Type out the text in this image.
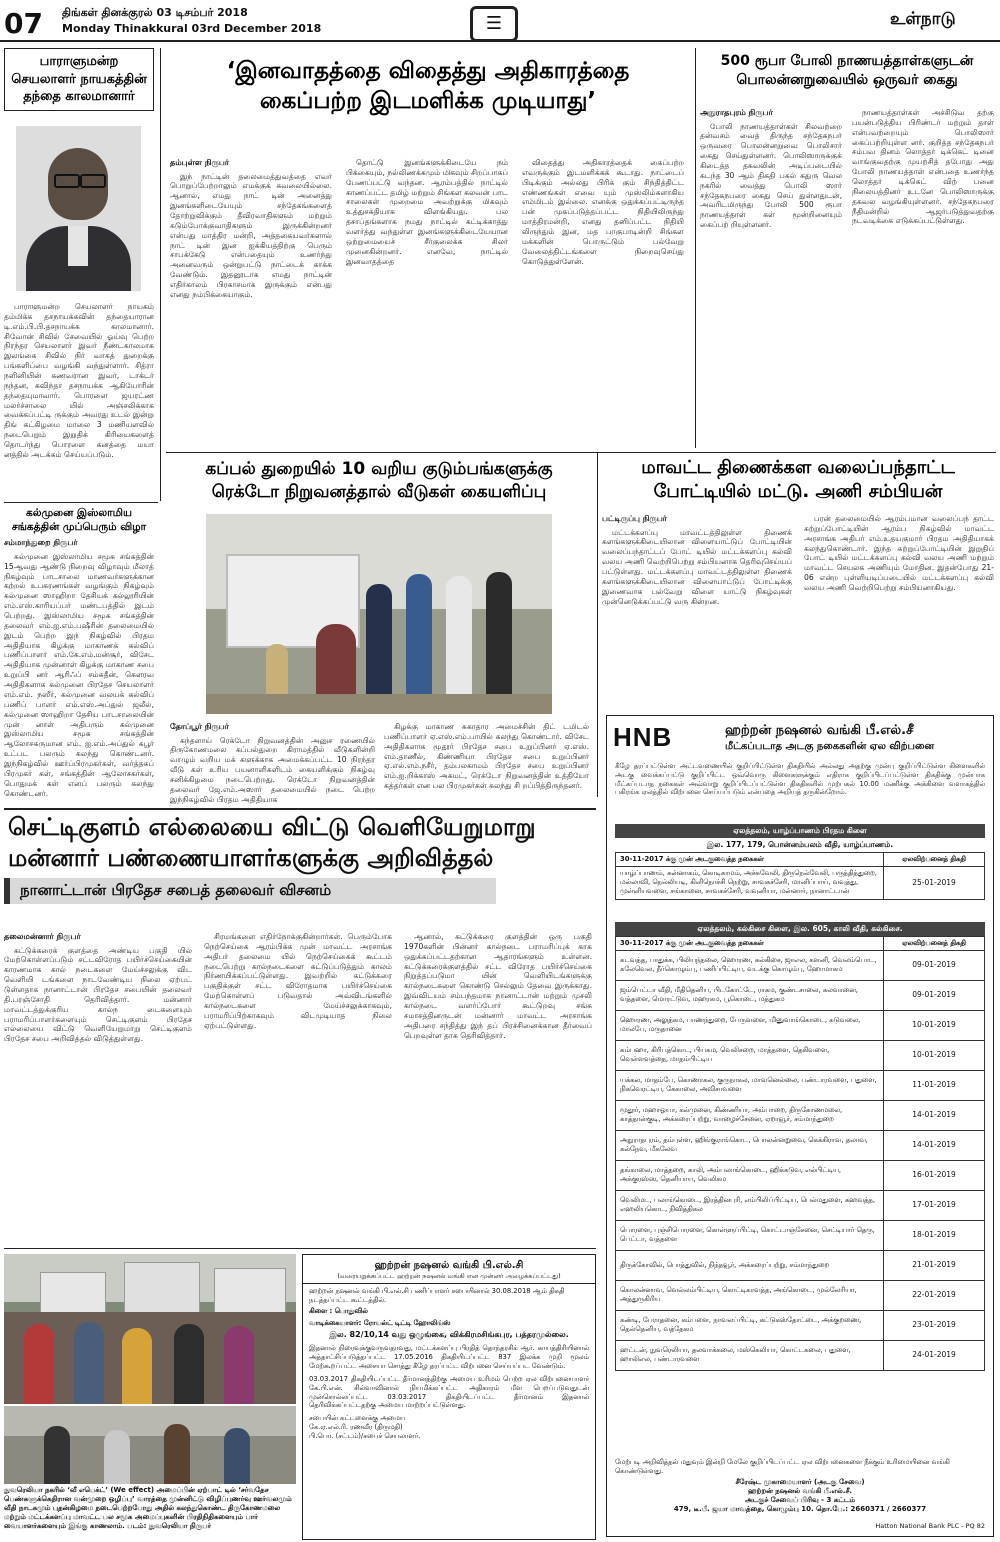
07 திங்கள் தினக்குரல் 03 டிசம்பர் 2018
Monday Thinakkural 03rd December 2018	☰	உள்நாடு
பாராளுமன்ற செயலாளர் நாயகத்தின் தந்தை காலமானார்
பாராளுமன்ற செயலாளர் நாயகம் தம்மிக்க தசநாயக்கவின் தந்தையாரான டி.எம்.பி.பி.தசநாயக்க காலமானார். சிவோன் சிவில் சேவையில் ஓய்வு பெற்ற நிரந்தர செயலாளர் இவர் நீண்டகாலமாக இலங்கை சிவில் நிர் வாகத் துறைக்கு பங்களிப்பை வழங்கி வந்துள்ளார். சித்ரா நளினியின் கணவரான இவர், டாக்டர் நந்தன, கவிந்தா தசநாயக்க ஆகியோரின் தந்தையுமாவார். பொரளை ஜயரட்ண மலர்ச்சாலை யில் அஞ்சலிக்காக வைக்கப்பட்டி ருக்கும் அவரது உடல் இன்று திங் கட்கிழமை மாலை 3 மணியளவில் நடைபெறும் இறுதிக் கிரியைகளைத் தொடர்ந்து பொரளை கனத்தை மயா னத்தில் அடக்கம் செய்யப்படும்.
கல்முனை இஸ்லாமிய சங்கத்தின் முப்பெரும் விழா
சம்மாந்துறை நிருபர்
கல்முனை இஸ்லாமிய சமூக சங்கத்தின் 15ஆவது ஆண்டு நிறைவு விழாவும் மீலாத் நிகழ்வும் பாடசாலை மாணவர்களுக்கான கற்றல் உபகரணங்கள் வழங்கும் நிகழ்வும் கல்முனை ஸாஹிறா தேசியக் கல்லூரியின் எம்.எஸ்.காரியப்பர் மண்டபத்தில் இடம் பெற்றது. இஸ்லாமிய சமூக சங்கத்தின் தலைவர் எம்.ஐ.எம்.பஷீரின் தலைமையில் இடம் பெற்ற இந் நிகழ்வில் பிரதம அதிதியாக கிழக்கு மாகாணக் கல்விப் பணிப்பாளர் எம்.கே.எம்.மன்சூர், விசேட அதிதியாக முன்னாள் கிழக்கு மாகாண சபை உறுப்பி னர் ஆரிஃப் சம்சுதீன், கௌரவ அதிதிகளாக கல்முனை பிரதேச செயலாளர் எம்.எம். நஸீர், கல்முனை வலயக் கல்விப் பணிப் பாளர் எம்.எஸ்.அப்துல் ஜலீல், கல்முனை ஸாஹிறா தேசிய பாடசாலையின் முன் னாள் அதிபரும் கல்முனை இஸ்லாமிய சமூக சங்கத்தின் ஆலோசகருமான எம். ஐ.எம்.அப்துல் கபூர் உட்பட பலரும் கலந்து கொண்டனர். இந்நிகழ்வில் ஊர்ப்பிரமுகர்கள், வர்த்தகப் பிரமுகர் கள், சங்கத்தின் ஆலோசகர்கள், பொதுமக் கள் எனப் பலரும் கலந்து கொண்டனர்.
‘இனவாதத்தை விதைத்து அதிகாரத்தை கைப்பற்ற இடமளிக்க முடியாது’
தம்புள்ள நிருபர்
இந் நாட்டின் தலைமைத்துவத்தை எவர் பொறுப்பேற்றாலும் எமக்குக் கவலையில்லை. ஆனால், எமது நாட் டின் அனைத்து இனங்களிடையேயும் சந்தேகங்களைத் தோற்றுவிக்கும் தீவிரவாதிகளும் மற்றும் கடும்போக்குவாதிகளும் இருக்கின்றனர் என்பது மாத்திர மன்றி, அத்தகையவர்களால் நாட் டின் இன ஐக்கியத்திற்கு பெரும் சாபக்கேடு என்பதையும் உணர்ந்து அனைவரும் ஒன்றுபட்டு நாட்டைக் காக்க வேண்டும். இதனூடாக எமது நாட்டின் எதிர்காலம் பிரகாசமாக இருக்கும் என்பது எனது நம்பிக்கையாகும்.
தொட்டு இனங்களுக்கிடையே நம் பிக்கையும், நல்லிணக்கமும் மிகவும் சிறப்பாகப் பேணப்பட்டு வந்தன. ஆரம்பத்தில் நாட்டில் காணப்பட்ட தமிழ் மற்றும் சிங்கள கலவன் பாட சாலைகள் முறைமை அவற்றுக்கு மிகவும் உத்துசக்தியாக விளங்கியது. பல தசாப்தங்களாக நமது நாட்டில் கட்டிக்காத்து வளர்த்து வந்துள்ள இனங்களுக்கிடையேயான ஒற்றுமையைச் சீர்குலைக்க சிலர் முனைகின்றனர். எனவே, நாட்டில் இனவாதத்தை
விதைத்து அதிகாரத்தைக் கைப்பற்ற எவருக்கும் இடமளிக்கக் கூடாது. நாட்டைப் பிடிக்கும் அல்லது பிரிக் கும் சிந்தித்திட்ட எண்ணங்கள் எவை யும் முஸ்லிம்களாகிய எம்மிடம் இல்லை. எனக்கு ஒதுக்கப்பட்டிருந்த பன் முகப்படுத்தப்பட்ட நிதியிலிருந்து மாத்திரமன்றி, எனது தனிப்பட்ட நிதியி லிருந்தும் இன, மத பாகுபாடின்றி சிங்கள மக்களின் பொருட்டும் பல்வேறு வேலைத்திட்டங்களை நிறைவுசெய்து கொடுத்துள்ளேன்.
500 ரூபா போலி நாணயத்தாள்களுடன் பொலன்னறுவையில் ஒருவர் கைது
அநுராதபுரம் நிருபர்
போலி நாணயத்தாள்கள் சிலவற்றை தன்வசம் வைத் திருந்த சந்தேகநபர் ஒருவரை பொலன்னறுவை பொலிசார் கைது செய்துள்ளனர். பொலிஸாருக்குக் கிடைத்த தகவலின் அடிப்படையில் கடந்த 30 ஆம் திகதி பகல் கதுரு வெல நகரில் வைத்து பொலி ஸார் சந்தேகநபரை கைது செய் துள்ளதுடன், அவரிடமிருந்து போலி 500 ரூபா நாணயத்தாள் கள் மூன்றினையும் கைப்பற் றியுள்ளனர்.
நாணயத்தாள்கள் அச்சிடுவ தற்கு பயன்படுத்திய பிரிண்டர் மற்றும் தாள் என்பவற்றையும் பொலிஸார் கைப்பற்றியுள்ள னர். குறித்த சந்தேகநபர் சம்பவ தினம் லொத்தர் டிக்கெட் டினை வாங்குவதற்கு முயற்சித் தபோது அது போலி நாணயத்தாள் என்பதை உணர்ந்த லொத்தர் டிக்கெட் விற் பனை நிலையத்தினர் உடனே பொலிஸாருக்கு தகவல வழங்கியுள்ளனர். சந்தேகநபரை நீதிமன்றில் ஆஜர்படுத்துவதற்கு நடவடிக்கை எடுக்கப்பட்டுள்ளது.
கப்பல் துறையில் 10 வறிய குடும்பங்களுக்கு ரெக்டோ நிறுவனத்தால் வீடுகள் கையளிப்பு
தோப்பூர் நிருபர்
கந்தளாய் ரெக்டோ நிறுவனத்தின் அனுச ரணையில் திருகோணமலை கப்பல்துறை கிராமத்தில் வீடுகளின்றி வாழும் வறிய மக் களுக்காக அமைக்கப்பட்ட 10 நிரந்தர வீடு கள் உரிய பயனாளிகளிடம் கையளிக்கும் நிகழ்வு சனிக்கிழமை நடைபெற்றது. ரெக்டோ நிறுவனத்தின் தலைவர் ஜே.எம்.அஸார் தலைமையில் நடை பெற்ற இந்நிகழ்வில் பிரதம அதிதியாக
கிழக்கு மாகாண சுகாதார அமைச்சின் திட் டமிடல் பணிப்பாளர் ஏ.எஸ்.எம்.பாயில் கலந்து கொண்டார். விசேட அதிதிகளாக மூதூர் பிரதேச சபை உறுப்பினர் ஏ.எஸ். எம்.தாணீல், கிண்ணியா பிரதேச சபை உறுப்பினர் ஏ.எல்.எம்.நசீர், தம்பலகாமம் பிரதேச சபை உறுப்பினர் எம்.ஐ.றிக்காஸ் அகமட், ரெக்டோ நிறுவனத்தின் உத்தியோ கத்தர்கள் என பல பிரமுகர்கள் கலந்து சி றப்பித்திருந்தனர்.
மாவட்ட திணைக்கள வலைப்பந்தாட்ட போட்டியில் மட்டு. அணி சம்பியன்
பட்டிருப்பு நிருபர்
மட்டக்களப்பு மாவட்டத்திலுள்ள திணைக் களங்களுக்கிடையிலான விளையாட்டுப் போட்டியின் வலைப்பந்தாட்டப் போட் டியில் மட்டக்களப்பு கல்வி வலய அணி வெற்றிபெற்று சம்பியனாக தெரிவுசெய்யப் பட்டுள்ளது. மட்டக்களப்பு மாவட்டத்திலுள்ள திணைக் களங்களுக்கிடையிலான விளையாட்டுப் போட்டிக்கு இணைவாக பல்வேறு விளை யாட்டு நிகழ்வுகள் முன்னெடுக்கப்பட்டு வரு கின்றன.
பரன் தலைமையில் ஆரம்பமான வலைப்பந் தாட்ட சுற்றுப்போட்டியின் ஆரம்ப நிகழ்வில் மாவட்ட அரசாங்க அதிபர் எம்.உதயகுமார் பிரதம அதிதியாகக் கலந்துகொண்டார். இந்த சுற்றுப்போட்டியின் இறுதிப் போட் டியில் மட்டக்களப்பு கல்வி வலய அணி மற்றும் மாவட்ட செயலக அணியும் மோதின. இதன்போது 21-06 என்ற புள்ளியடிப்படையில் மட்டக்களப்பு கல்வி வலய அணி வெற்றிபெற்று சம்பியனாகியது.
HNB	ஹற்றன் நஷனல் வங்கி பீ.எல்.சீ
மீட்கப்படாத அடகு நகைகளின் ஏல விற்பனை
கீழே தரப்பட்டுள்ள அட்டவணையில் குறிப்பிட்டுள்ள திகதியில் அல்லது அதற்கு முன்பு குறிப்பிட்டுள்ள கிளைகளில் அடகு வைக்கப்பட்டு குறிப்பிட்ட ஒவ்வொரு கிளைகளுக்கும் எதிராக குறிப்பிடப்பட்டுள்ள திகதிக்கு முன்பாக மீட்கப்படாத நகைகள் அவ்வாறு குறிப்பிடப்பட்டுள்ள திகதிகளில் முற்பகல் 10.00 மணிக்கு அக்கிளை வளாகத்தில் பகிரங்க ஏலத்தில் விற்பனை செய்யப்படும் என்பதை அறியத் தருகின்றோம்.
ஏலத்தலம், யாழ்ப்பாணம் பிரதம கிளை
இல. 177, 179, பொன்னம்பலம் வீதி, யாழ்ப்பாணம்.
30-11-2017 க்கு முன் அடகுவைத்த நகைகள்	ஏலவிற்பனைத் திகதி
யாழ்ப்பாணம், சுன்னாகம், கொடிகாமம், அச்சுவேலி, திருநெல்வேலி, பருத்தித்துறை, மல்லாவி, நெல்லியடி, கிளிநொச்சி நெற்று, சாவகச்சேரி, மானிப்பாய், வவுத்து, முள்ளியவளை, சங்கானை, சாவகச்சேரி, வவுனியா, மன்னார், நானாட்டான்	25-01-2019
ஏலத்தலம், கல்கிசை கிளை, இல. 605, காலி வீதி, கல்கிசை.
30-11-2017 க்கு முன் அடகுவைத்த நகைகள்	ஏலவிற்பனைத் திகதி
கடவத்த, பாதுக்க, பிலியந்தலை, ஹொரண, கல்கிசை, ஜாஎல, களனி, வெலம்பொட, கலேவெல, நீர்கொழும்பு, பணிப்பிட்டிய, வடக்கு கொழும்பு, ஹோமாகம	09-01-2019
ஜம்பெட்டா வீதி, மீதிதெனிய, பிடகோட்டே, ராகம, குண்டசாலை, கலவானை, வத்தளை, மொரட்டுவ, மஹரகம, பூகொடை, மத்துகம	09-01-2019
ஹொரண, அலுத்கம, பாணந்துறை, பேருவளை, மினுவாங்கொடை, கடுவலை, மாலபே, மருதானை	10-01-2019
கம்பஹா, கிரிபத்கொட, பியகம, வெலிசறை, மாத்தளை, தெகிவளை, வெள்ளவத்தை, மாதம்பிட்டிய	10-01-2019
யக்கல, மாதம்பே, கொணாகல, குருநாகல, மாவனெல்லை, பண்டாரவளை, பதுளை, நிகவெரட்டிய, கேகாலை, அவிசாவளை	11-01-2019
மூதூர், மஹாஓயா, கல்முனை, கிண்ணியா, அம்பாறை, திருகோணமலை, காத்தான்குடி, அக்கரைப்பற்று, வாழைச்சேனை, ஏறாவூர், சம்மாந்துறை	14-01-2019
அநுராதபுரம், தம்புள்ள, ஹிங்குராங்கொட, பொலன்னறுவை, கெக்கிராவ, தலாவ, கல்நேவ, மீகலேவ	14-01-2019
தங்காலை, மாத்தறை, காலி, அம்பலாங்கொடை, ஹிக்கடுவ, எல்பிட்டிய, அக்குரஸ்ஸ, தெனியாய, வெலிகம	16-01-2019
வெலிமட, பலாங்கொடை, இரத்தினபுரி, எம்பிலிப்பிட்டிய, பெல்மதுளை, கஹவத்த, எஹலியகொட, நிவித்திகல	17-01-2019
பொரளை, புஞ்சிபொரளை, கொள்ளுப்பிட்டி, கொட்டாஞ்சேனை, செட்டியார் தெரு, பெட்டா, வத்தளை	18-01-2019
திருக்கோவில், பொத்துவில், நிந்தவூர், அக்கரைப்பற்று, சம்மாந்துறை	21-01-2019
கொலன்னாவ, வெல்லம்பிட்டிய, கொட்டிகாவத்த, அங்கொடை, முல்லேரியா, அத்துருகிரிய	22-01-2019
கண்டி, பேராதனை, கம்பளை, நாவலப்பிட்டி, கட்டுகஸ்தோட்டை, அக்குறணை, தெல்தெனிய, வத்தேகம	23-01-2019
ஹட்டன், நுவரெலியா, தலவாக்கலை, மஸ்கெலியா, கொட்டகலை, பதுளை, ஹாலிஎல, பண்டாரவளை	24-01-2019
மேற்படி அறிவித்தல் மதுவும் இன்றி மேலே குறிப்பிடப்பட்ட ஏல விற்பனைகளை நீக்கும் உரிமையினை வங்கி கொண்டுள்ளது.
சீரேஷ்ட முகாமையாளர் (அடகு சேவை)
ஹற்றன் நஷனல் வங்கி பீ.எல்.சீ.
அடகுச் சேவைப் பிரிவு - 3 கட்டம்
479, டீ.பீ. ஜயா மாவத்தை, கொழும்பு 10. தொ.பே.: 2660371 / 2660377
Hatton National Bank PLC - PQ 82
செட்டிகுளம் எல்லையை விட்டு வெளியேறுமாறு மன்னார் பண்ணையாளர்களுக்கு அறிவித்தல்
நானாட்டான் பிரதேச சபைத் தலைவர் விசனம்
தலைமன்னார் நிருபர்
கட்டுக்கரைக் குளத்தை அண்டிய பகுதி யில் மேற்கொள்ளப்படும் சட்டவிரோத பயிர்ச்செய்கையின் காரணமாக கால் நடைகளை மேய்ச்சலுக்கு விட வெளியி டங்களை நாடவேண்டிய நிலை ஏற்பட் டுள்ளதாக நானாட்டான் பிரதேச சபையின் தலைவர் தி.பரஞ்சோதி தெரிவித்தார். மன்னார் மாவட்டத்துக்குரிய கால்ந டைகளையும் பராமரிப்பாளர்களையும் செட்டிகுளம் பிரதேச எல்லையை விட்டு வெளியேறுமாறு செட்டிகுளம் பிரதேச சபை அறிவித்தல் விடுத்துள்ளது.
சிரமங்களை எதிர்நோக்குகின்றார்கள். பெரும்போக நெற்செய்கை ஆரம்பிக்க முன் மாவட்ட அரசாங்க அதிபர் தலைமை யில் நெற்செய்கைக் கூட்டம் நடைபெற்று கால்நடைகளை கட்டுப்படுத்தும் காலம் நிர்ணயிக்கப்பட்டுள்ளது. இவற்றில் கட்டுக்கரை பகுதிக்குள் சட்ட விரோதமாக பயிர்ச்செய்கை மேற்கொள்ளப் படுவதால் அவ்விடங்களில் கால்நடைகளை மேய்ச்சலுக்காகவும், பராமரிப்பிற்காகவும் விடமுடியாத நிலை ஏற்பட்டுள்ளது.
ஆனால், கட்டுக்கரை குளத்தின் ஒரு பகுதி 1970களின் பின்னர் கால்நடை பராமரிப்புக் காக ஒதுக்கப்பட்டதற்கான ஆதாரங்களும் உள்ளன. கட்டுக்கரைக்குளத்தில் சட்ட விரோத பயிர்ச்செய்கை நிறுத்தப்படுமா யின் வெளியிடங்களுக்கு கால்நடைகளை கொண்டு செல்லும் தேவை இருக்காது. இவ்விடயம் சம்பந்தமாக நானாட்டான் மற்றும் முசலி கால்நடை வளர்ப்போர் கூட்டுறவு சங்க சமாசத்தினருடன் மன்னார் மாவட்ட அரசாங்க அதிபரை சந்தித்து இந் தப் பிரச்சினைக்கான தீர்வைப் பெறவுள்ள தாக தெரிவித்தார்.
நுவரெலியா நகரில் ‘வீ எபெக்ட்’ (We effect) அமைப்பின் ஏற்பாட் டில் ‘சர்வதேச பெண்களுக்கெதிரான வன்முறை ஒழிப்பு’ வாரத்தை முன்னிட்டு விழிப்புணர்வு ஊர்வலமும் வீதி நாடகமும் புதன்கிழமை நடைபெற்றபோது அதில் கலந்துகொண்ட திருகோணமலை மற்றும் மட்டக்களப்பு மாவட்ட பல சமூக அமைப்புகளின் பிரதிநிதிகளையும் பார் வையாளர்களையும் இங்கு காணலாம். படம்: நுவரெலியா நிருபர்
ஹற்றன் நஷனல் வங்கி பி.எல்.சி
(வரையறுக்கப்பட்ட ஹற்றன் நஷனல் வங்கி என முன்னர் அழைக்கப்பட்டது)
ஹற்றன் நஷனல் வங்கி பி.எல்.சி பணிப்பாளர் சபையினால் 30.08.2018 ஆம் திகதி நடத்தப்பட்ட கூட்டத்தில்.
கிளை : பொதுவில்
வாடிக்கையாளர்: ரோயல்ட் டிட்டி ஹோலிங்ஸ்
இல. 82/10,14 வது ஒழுங்கை, விக்கிரமசிங்கபுர, பத்தரமுல்லை.
இதனால் நிரைவுக்குவருவதாவது, மட்டக்களப்பு பிரதித் தொந்தரசிக் ஆர். காயத்திரியினால் அத்தாட்சிப்படுத்தப்பட்ட 17.05.2016 திகதியிடப்பட்ட 837 இலக்க முறி மூலம் மேற்கூறப்பட்ட அசையா சொத்து கீழே தரப்பட்ட விற்பனை செய்யப்பட வேண்டும்.
03.03.2017 திகதியிடப்பட்ட தீர்மானத்திற்கு அமைய உரிமம் பெற்ற ஏல விற்பனையாளர் கே.பி.என். சில்வாவினால் நியமிக்கப்பட்ட அதிகாரம் மீள பெறப்படுவதுடன் முன்சொல்லப்பட்ட 03.03.2017 திகதியிடப்பட்ட தீர்மானம் இதனால் தெரிவிக்கப்பட்டதற்கு அமைய மாற்றப்பட்டுள்ளது.
சபையின் கட்டளைக்கு அமைய
கே.ஏ.எல்.ரி. ரணவீர (திருமதி)
பி.பொ. (சட்டம்)/சபைச் செயலாளர்.
